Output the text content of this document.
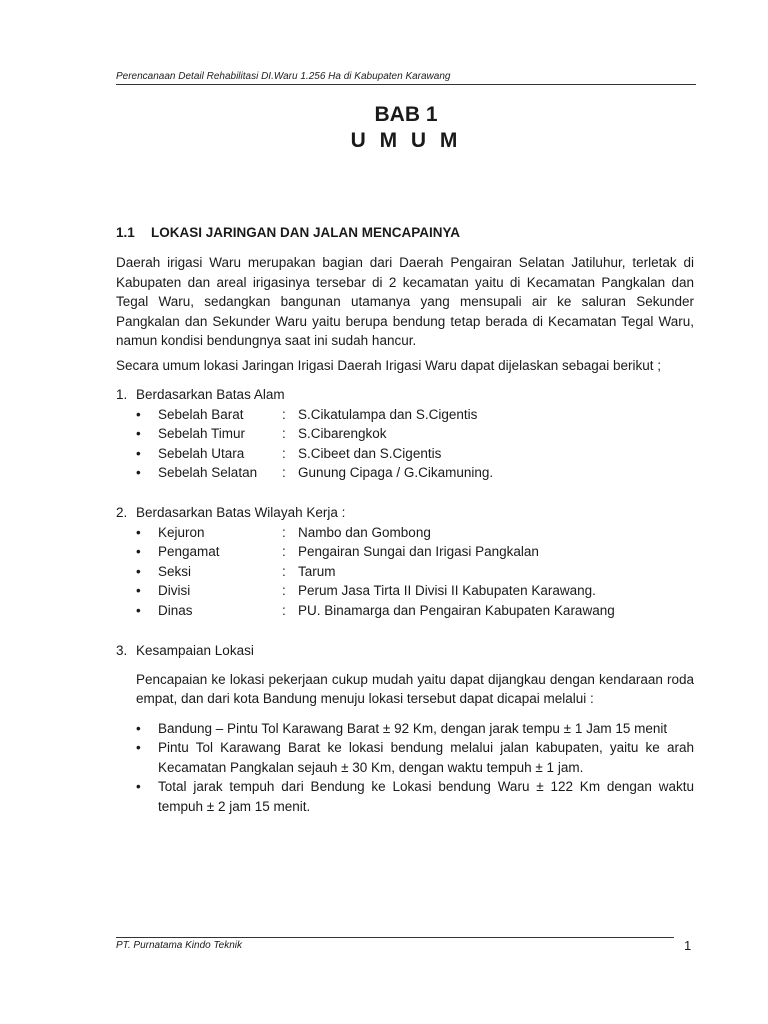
Perencanaan Detail Rehabilitasi DI.Waru 1.256 Ha di Kabupaten Karawang
BAB 1
U M U M
1.1 LOKASI JARINGAN DAN JALAN MENCAPAINYA
Daerah irigasi Waru merupakan bagian dari Daerah Pengairan Selatan Jatiluhur, terletak di Kabupaten dan areal irigasinya tersebar di 2 kecamatan yaitu di Kecamatan Pangkalan dan Tegal Waru, sedangkan bangunan utamanya yang mensupali air ke saluran Sekunder Pangkalan dan Sekunder Waru yaitu berupa bendung tetap berada di Kecamatan Tegal Waru, namun kondisi bendungnya saat ini sudah hancur.
Secara umum lokasi Jaringan Irigasi Daerah Irigasi Waru dapat dijelaskan sebagai berikut ;
1. Berdasarkan Batas Alam
• Sebelah Barat	: S.Cikatulampa dan S.Cigentis
• Sebelah Timur	: S.Cibarengkok
• Sebelah Utara	: S.Cibeet dan S.Cigentis
• Sebelah Selatan : Gunung Cipaga / G.Cikamuning.
2. Berdasarkan Batas Wilayah Kerja :
• Kejuron	: Nambo dan Gombong
• Pengamat	: Pengairan Sungai dan Irigasi Pangkalan
• Seksi	: Tarum
• Divisi	: Perum Jasa Tirta II Divisi II Kabupaten Karawang.
• Dinas	: PU. Binamarga dan Pengairan Kabupaten Karawang
3. Kesampaian Lokasi
Pencapaian ke lokasi pekerjaan cukup mudah yaitu dapat dijangkau dengan kendaraan roda empat, dan dari kota Bandung menuju lokasi tersebut dapat dicapai melalui :
• Bandung – Pintu Tol Karawang Barat ± 92 Km, dengan jarak tempu ± 1 Jam 15 menit
• Pintu Tol Karawang Barat ke lokasi bendung melalui jalan kabupaten, yaitu ke arah Kecamatan Pangkalan sejauh ± 30 Km, dengan waktu tempuh ± 1 jam.
• Total jarak tempuh dari Bendung ke Lokasi bendung Waru ± 122 Km dengan waktu tempuh ± 2 jam 15 menit.
PT. Purnatama Kindo Teknik	1
